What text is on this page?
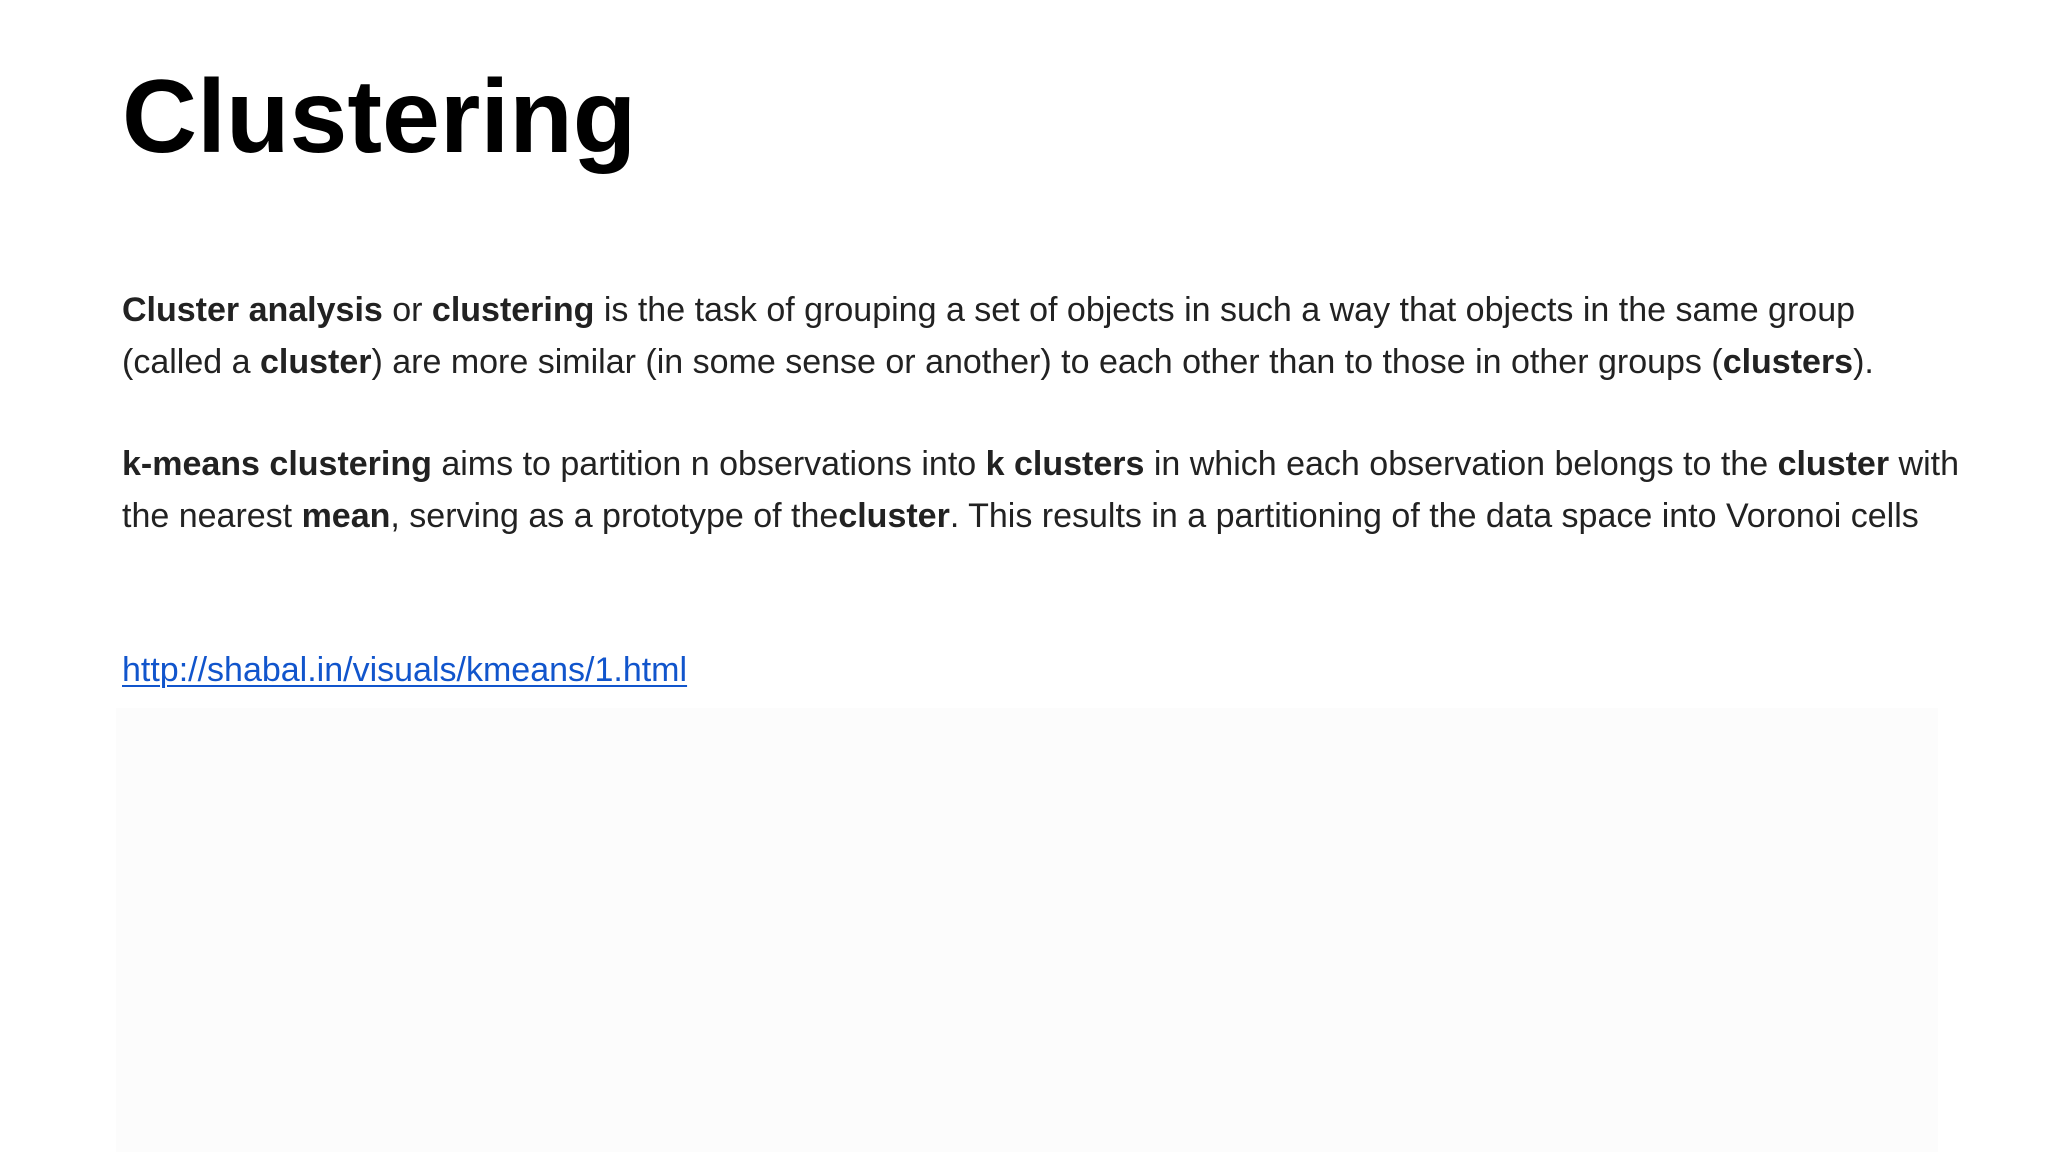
Clustering

Cluster analysis or clustering is the task of grouping a set of objects in such a way that objects in the same group (called a cluster) are more similar (in some sense or another) to each other than to those in other groups (clusters).

k-means clustering aims to partition n observations into k clusters in which each observation belongs to the cluster with the nearest mean, serving as a prototype of thecluster. This results in a partitioning of the data space into Voronoi cells

http://shabal.in/visuals/kmeans/1.html
